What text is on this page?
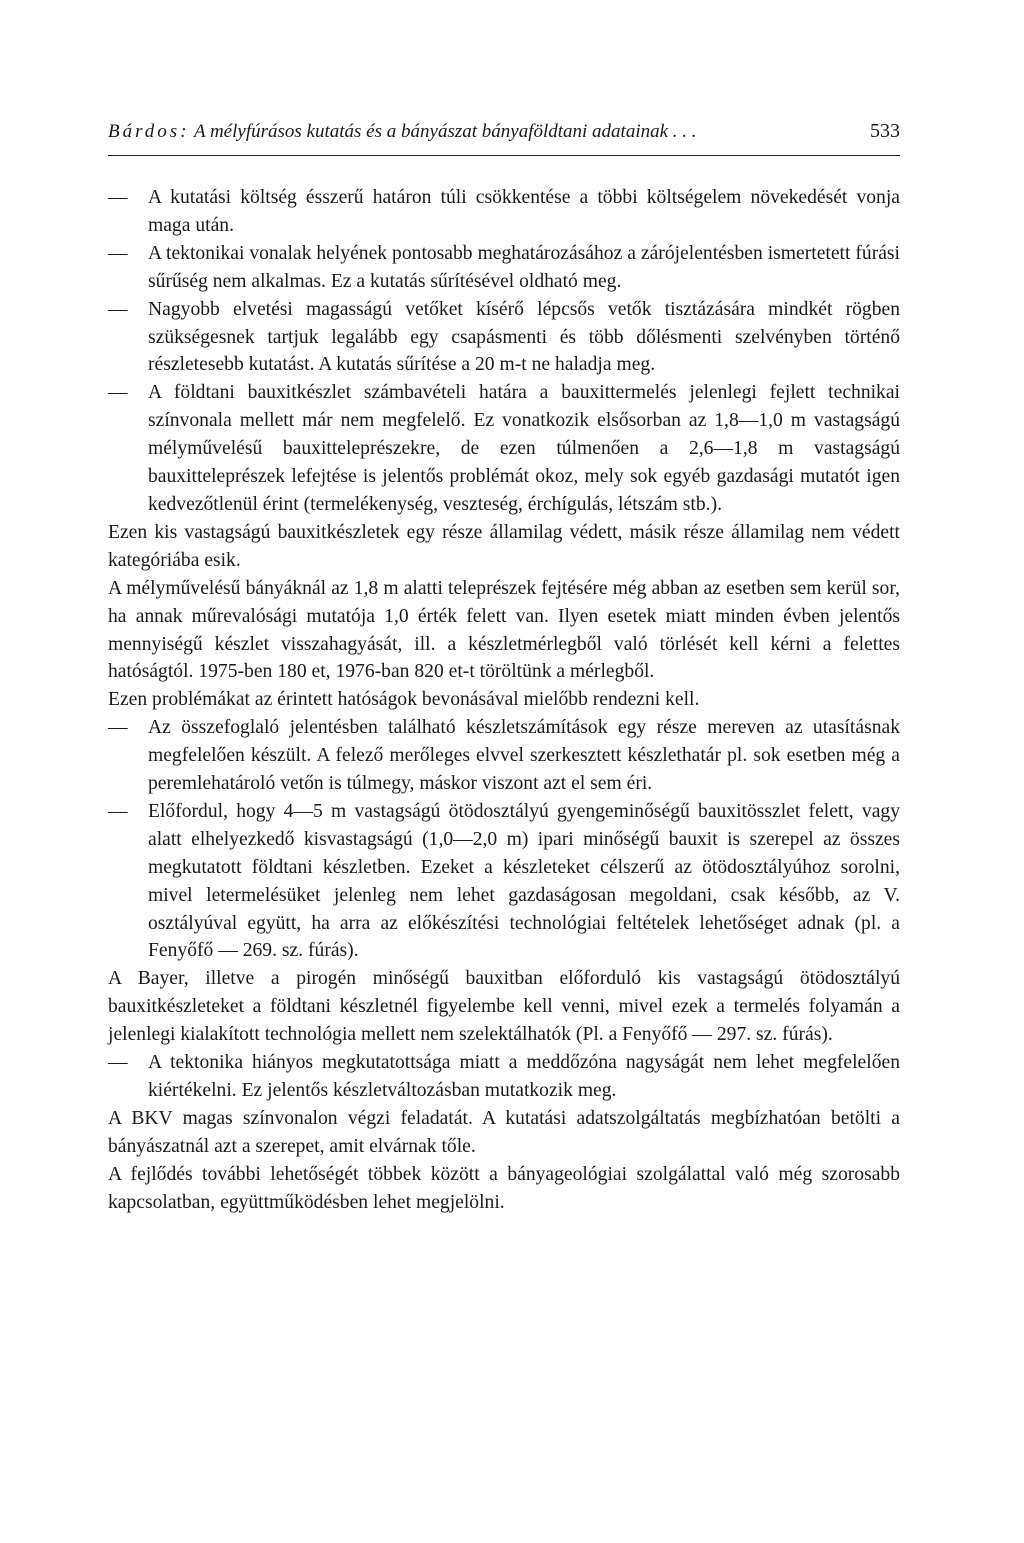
Bárdos: A mélyfúrásos kutatás és a bányászat bányaföldtani adatainak . . .	533

—	A kutatási költség ésszerű határon túli csökkentése a többi költségelem növekedését vonja maga után.

—	A tektonikai vonalak helyének pontosabb meghatározásához a zárójelentésben ismertetett fúrási sűrűség nem alkalmas. Ez a kutatás sűrítésével oldható meg.

—	Nagyobb elvetési magasságú vetőket kísérő lépcsős vetők tisztázására mindkét rögben szükségesnek tartjuk legalább egy csapásmenti és több dőlésmenti szelvényben történő részletesebb kutatást. A kutatás sűrítése a 20 m-t ne haladja meg.

—	A földtani bauxitkészlet számbavételi határa a bauxittermelés jelenlegi fejlett technikai színvonala mellett már nem megfelelő. Ez vonatkozik elsősorban az 1,8—1,0 m vastagságú mélyművelésű bauxitteleprészekre, de ezen túlmenően a 2,6—1,8 m vastagságú bauxitteleprészek lefejtése is jelentős problémát okoz, mely sok egyéb gazdasági mutatót igen kedvezőtlenül érint (termelékenység, veszteség, érchígulás, létszám stb.).

Ezen kis vastagságú bauxitkészletek egy része államilag védett, másik része államilag nem védett kategóriába esik.

A mélyművelésű bányáknál az 1,8 m alatti teleprészek fejtésére még abban az esetben sem kerül sor, ha annak műrevalósági mutatója 1,0 érték felett van. Ilyen esetek miatt minden évben jelentős mennyiségű készlet visszahagyását, ill. a készletmérlegből való törlését kell kérni a felettes hatóságtól. 1975-ben 180 et, 1976-ban 820 et-t töröltünk a mérlegből.

Ezen problémákat az érintett hatóságok bevonásával mielőbb rendezni kell.

—	Az összefoglaló jelentésben található készletszámítások egy része mereven az utasításnak megfelelően készült. A felező merőleges elvvel szerkesztett készlethatár pl. sok esetben még a peremlehatároló vetőn is túlmegy, máskor viszont azt el sem éri.

—	Előfordul, hogy 4—5 m vastagságú ötödosztályú gyengeminőségű bauxitösszlet felett, vagy alatt elhelyezkedő kisvastagságú (1,0—2,0 m) ipari minőségű bauxit is szerepel az összes megkutatott földtani készletben. Ezeket a készleteket célszerű az ötödosztályúhoz sorolni, mivel letermelésüket jelenleg nem lehet gazdaságosan megoldani, csak később, az V. osztályúval együtt, ha arra az előkészítési technológiai feltételek lehetőséget adnak (pl. a Fenyőfő — 269. sz. fúrás).

A Bayer, illetve a pirogén minőségű bauxitban előforduló kis vastagságú ötödosztályú bauxitkészleteket a földtani készletnél figyelembe kell venni, mivel ezek a termelés folyamán a jelenlegi kialakított technológia mellett nem szelektálhatók (Pl. a Fenyőfő — 297. sz. fúrás).

—	A tektonika hiányos megkutatottsága miatt a meddőzóna nagyságát nem lehet megfelelően kiértékelni. Ez jelentős készletváltozásban mutatkozik meg.

A BKV magas színvonalon végzi feladatát. A kutatási adatszolgáltatás megbízhatóan betölti a bányászatnál azt a szerepet, amit elvárnak tőle.

A fejlődés további lehetőségét többek között a bányageológiai szolgálattal való még szorosabb kapcsolatban, együttműködésben lehet megjelölni.
